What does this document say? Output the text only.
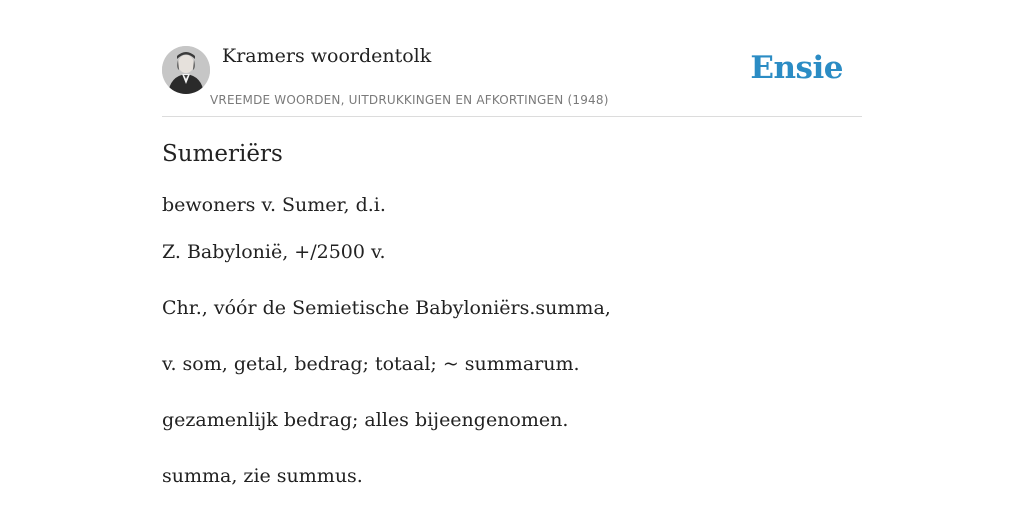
Kramers woordentolk
VREEMDE WOORDEN, UITDRUKKINGEN EN AFKORTINGEN (1948)
Ensie
Sumeriërs
bewoners v. Sumer, d.i.
Z. Babylonië, +/2500 v.
Chr., vóór de Semietische Babyloniërs.summa,
v. som, getal, bedrag; totaal; ~ summarum.
gezamenlijk bedrag; alles bijeengenomen.
summa, zie summus.
